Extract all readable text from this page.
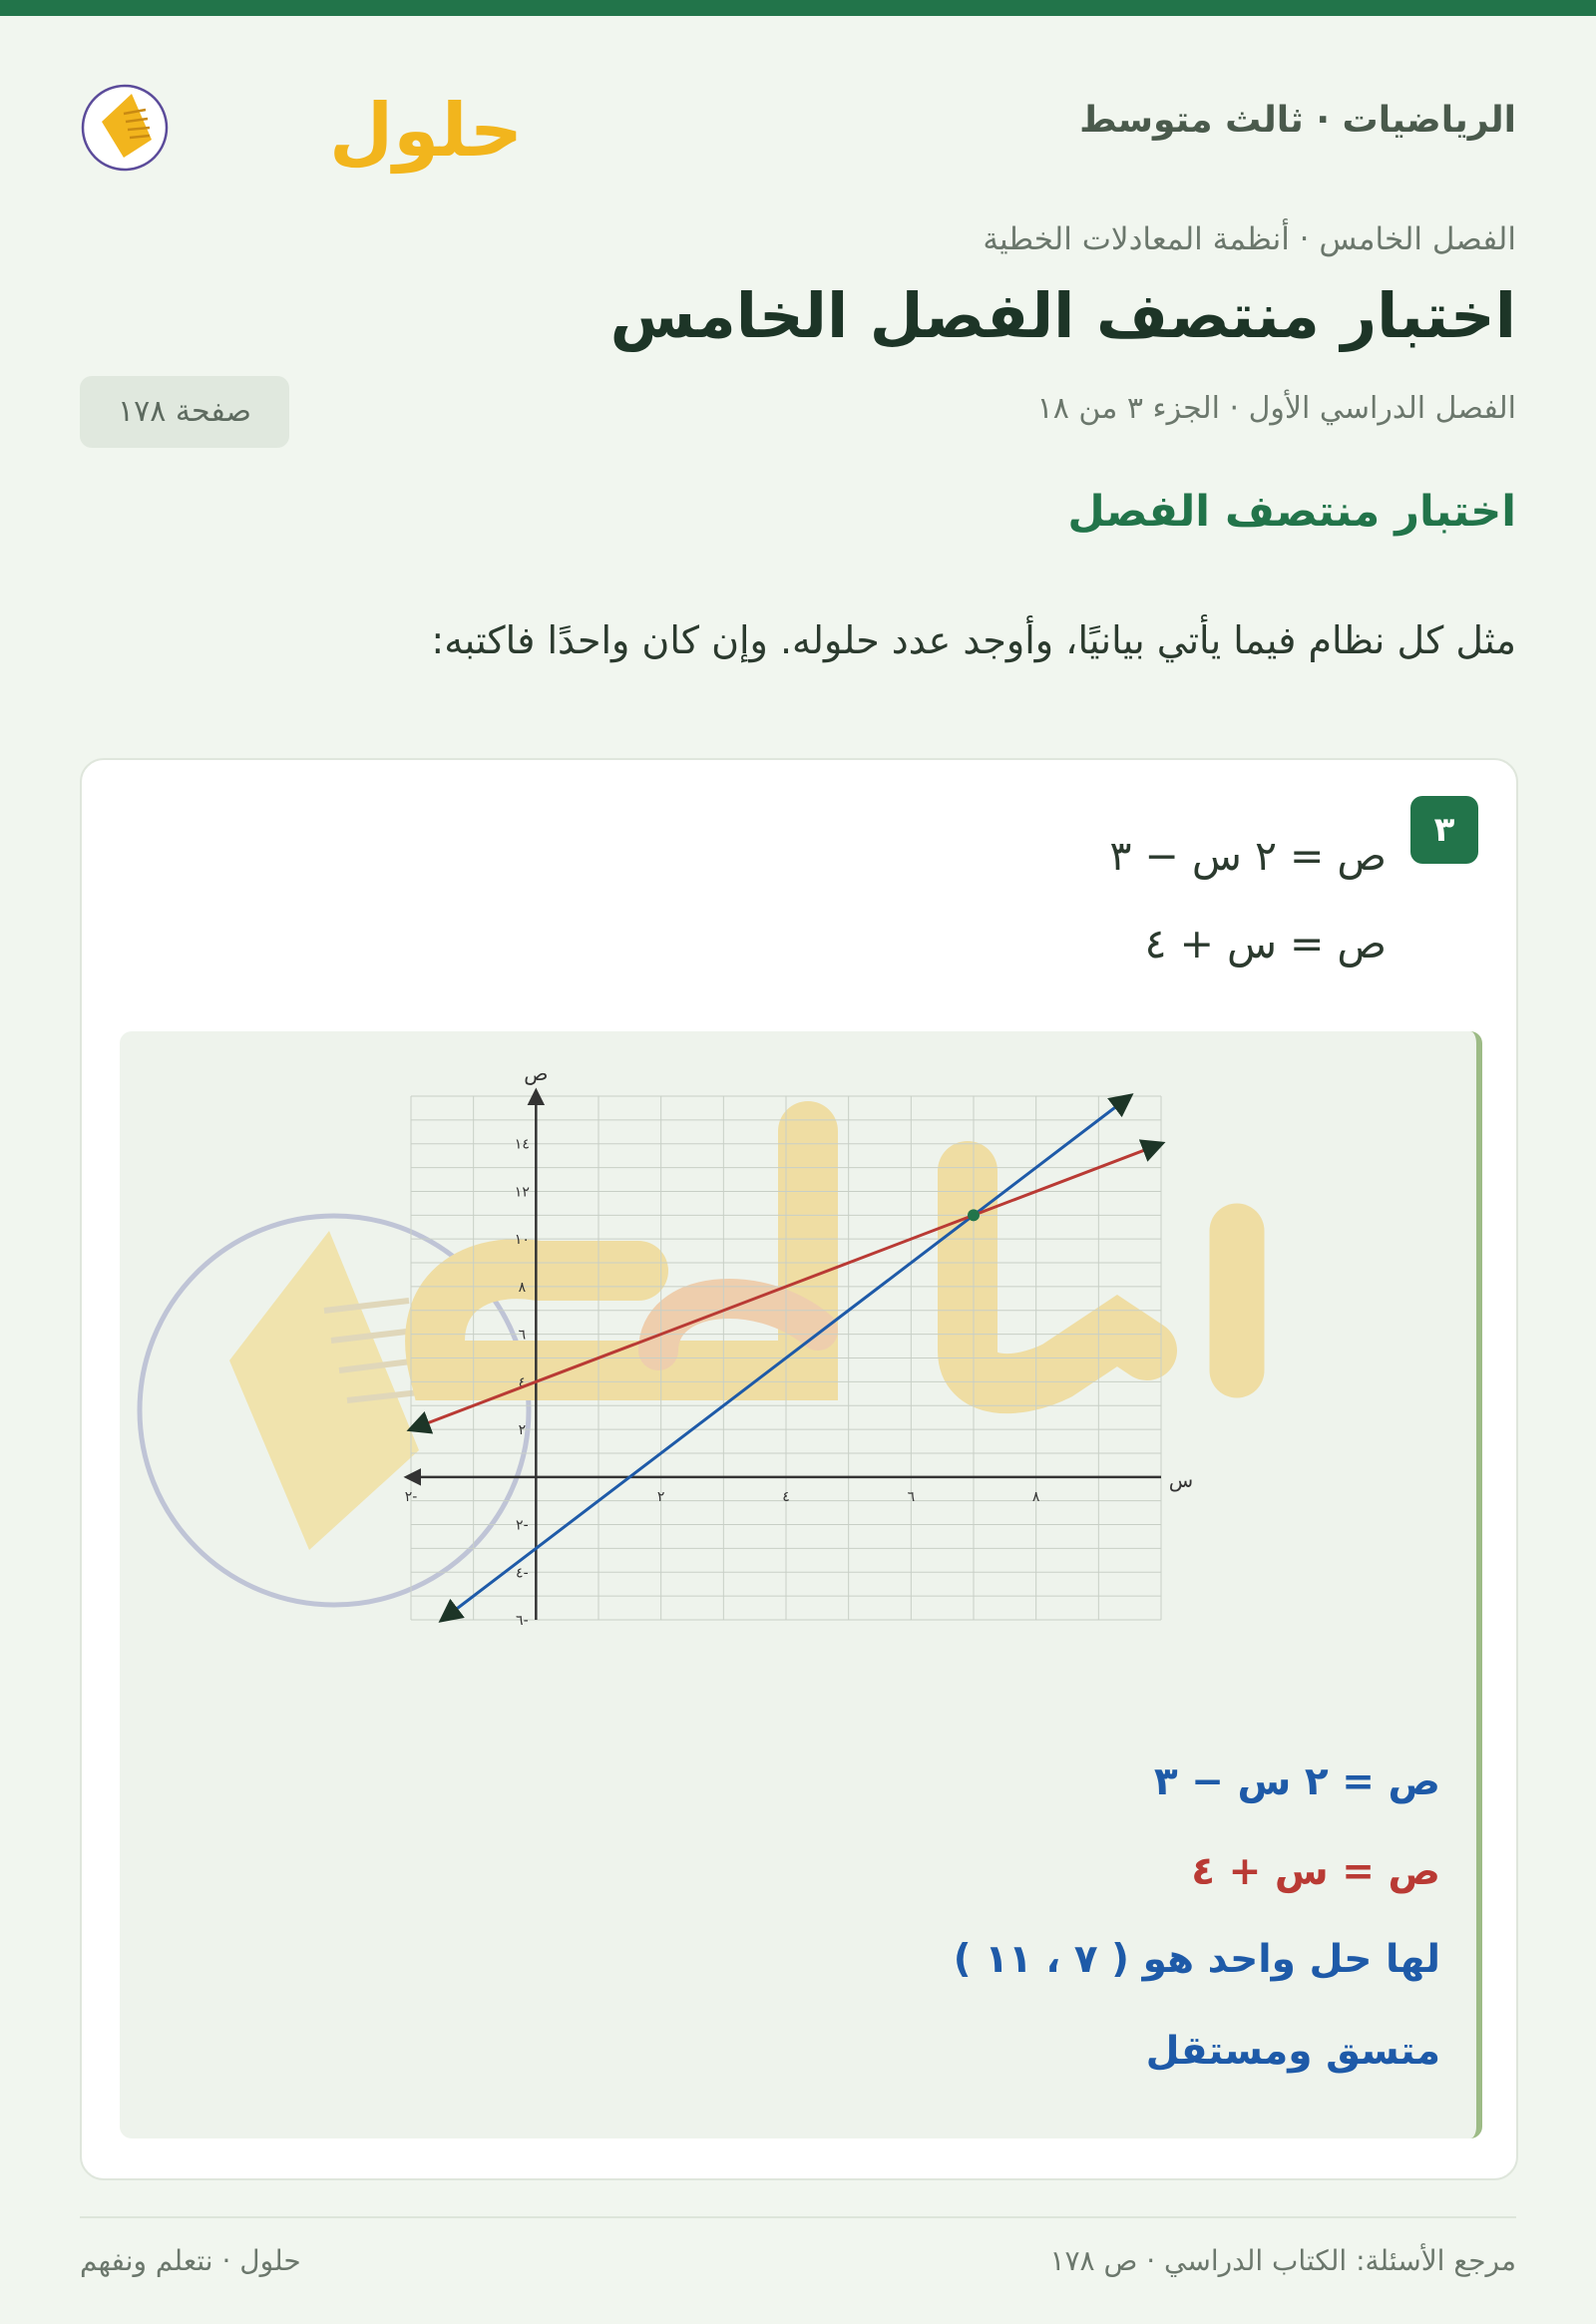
حلول	الرياضيات · ثالث متوسط
الفصل الخامس · أنظمة المعادلات الخطية
اختبار منتصف الفصل الخامس
الفصل الدراسي الأول · الجزء ٣ من ١٨
صفحة ١٧٨
اختبار منتصف الفصل
مثل كل نظام فيما يأتي بيانيًا، وأوجد عدد حلوله. وإن كان واحدًا فاكتبه:
٣
ص = ٢ س − ٣
ص = س + ٤
س
ص
-٢	٢	٤	٦	٨
-٦
-٤
-٢
٢
٤
٦
٨
١٠
١٢
١٤
ص = ٢ س − ٣
ص = س + ٤
لها حل واحد هو ( ٧ ، ١١ )
متسق ومستقل
مرجع الأسئلة: الكتاب الدراسي · ص ١٧٨
حلول · نتعلم ونفهم
